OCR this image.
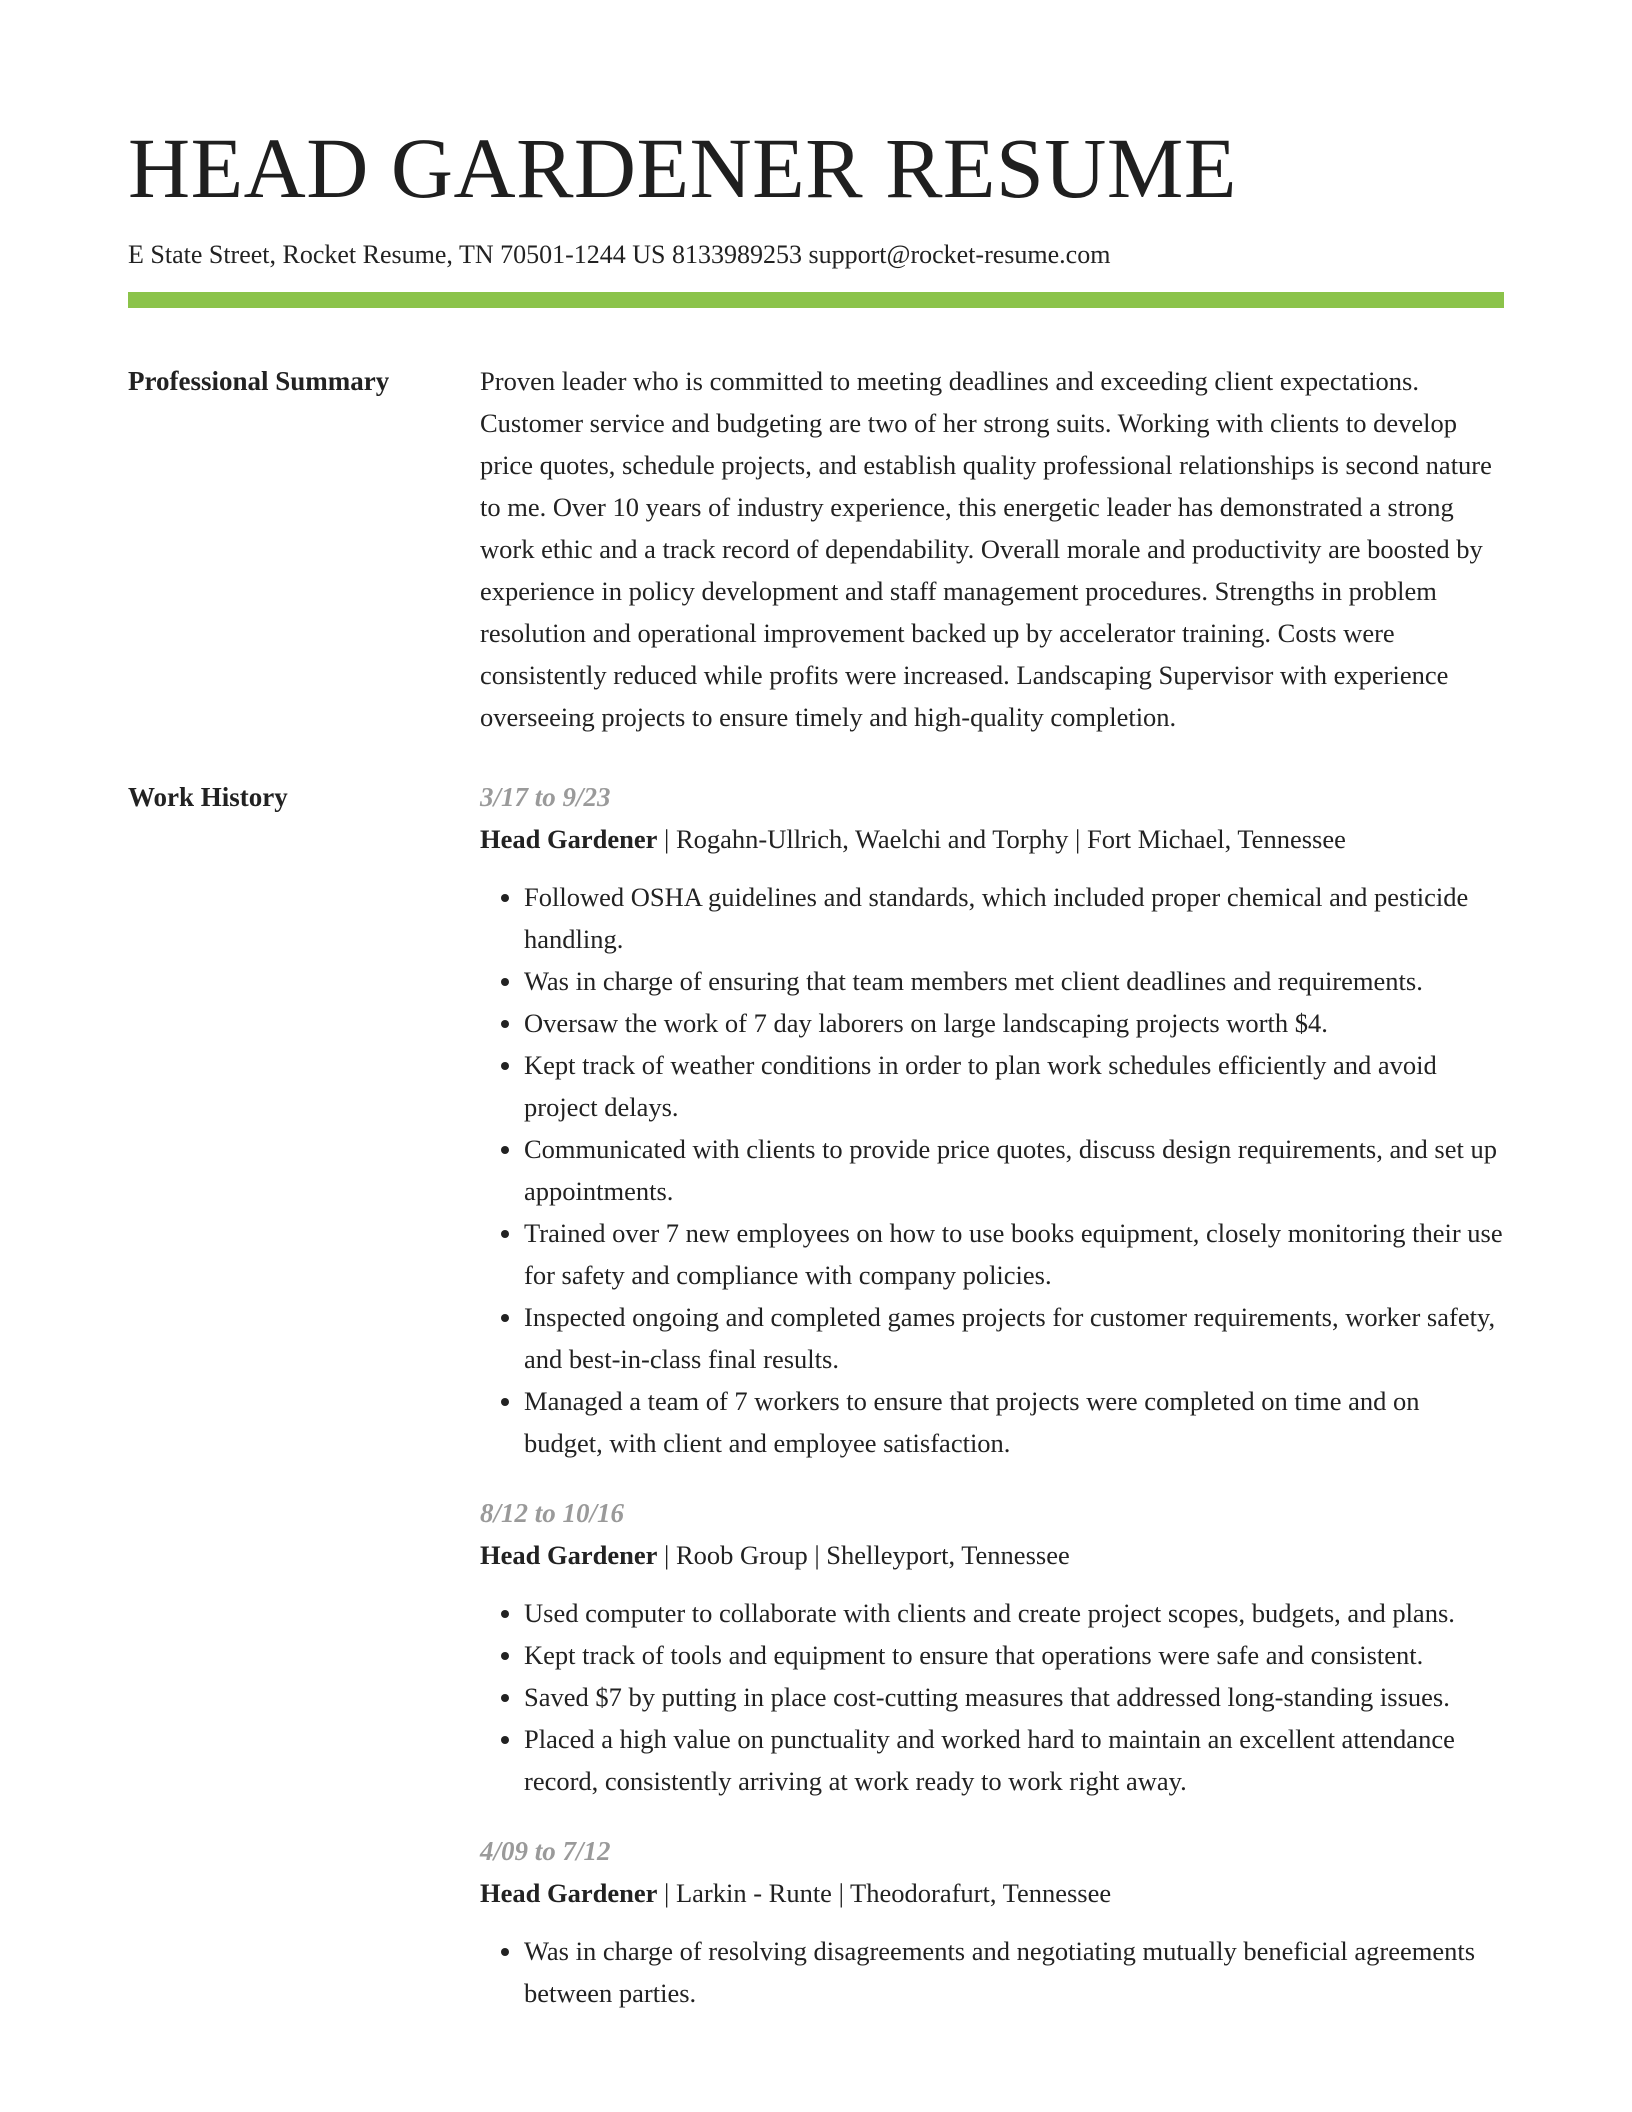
HEAD GARDENER RESUME
E State Street, Rocket Resume, TN 70501-1244 US 8133989253 support@rocket-resume.com
Professional Summary	Proven leader who is committed to meeting deadlines and exceeding client expectations. Customer service and budgeting are two of her strong suits. Working with clients to develop price quotes, schedule projects, and establish quality professional relationships is second nature to me. Over 10 years of industry experience, this energetic leader has demonstrated a strong work ethic and a track record of dependability. Overall morale and productivity are boosted by experience in policy development and staff management procedures. Strengths in problem resolution and operational improvement backed up by accelerator training. Costs were consistently reduced while profits were increased. Landscaping Supervisor with experience overseeing projects to ensure timely and high-quality completion.

Work History	3/17 to 9/23
Head Gardener | Rogahn-Ullrich, Waelchi and Torphy | Fort Michael, Tennessee
• Followed OSHA guidelines and standards, which included proper chemical and pesticide handling.
• Was in charge of ensuring that team members met client deadlines and requirements.
• Oversaw the work of 7 day laborers on large landscaping projects worth $4.
• Kept track of weather conditions in order to plan work schedules efficiently and avoid project delays.
• Communicated with clients to provide price quotes, discuss design requirements, and set up appointments.
• Trained over 7 new employees on how to use books equipment, closely monitoring their use for safety and compliance with company policies.
• Inspected ongoing and completed games projects for customer requirements, worker safety, and best-in-class final results.
• Managed a team of 7 workers to ensure that projects were completed on time and on budget, with client and employee satisfaction.
8/12 to 10/16
Head Gardener | Roob Group | Shelleyport, Tennessee
• Used computer to collaborate with clients and create project scopes, budgets, and plans.
• Kept track of tools and equipment to ensure that operations were safe and consistent.
• Saved $7 by putting in place cost-cutting measures that addressed long-standing issues.
• Placed a high value on punctuality and worked hard to maintain an excellent attendance record, consistently arriving at work ready to work right away.
4/09 to 7/12
Head Gardener | Larkin - Runte | Theodorafurt, Tennessee
• Was in charge of resolving disagreements and negotiating mutually beneficial agreements between parties.
